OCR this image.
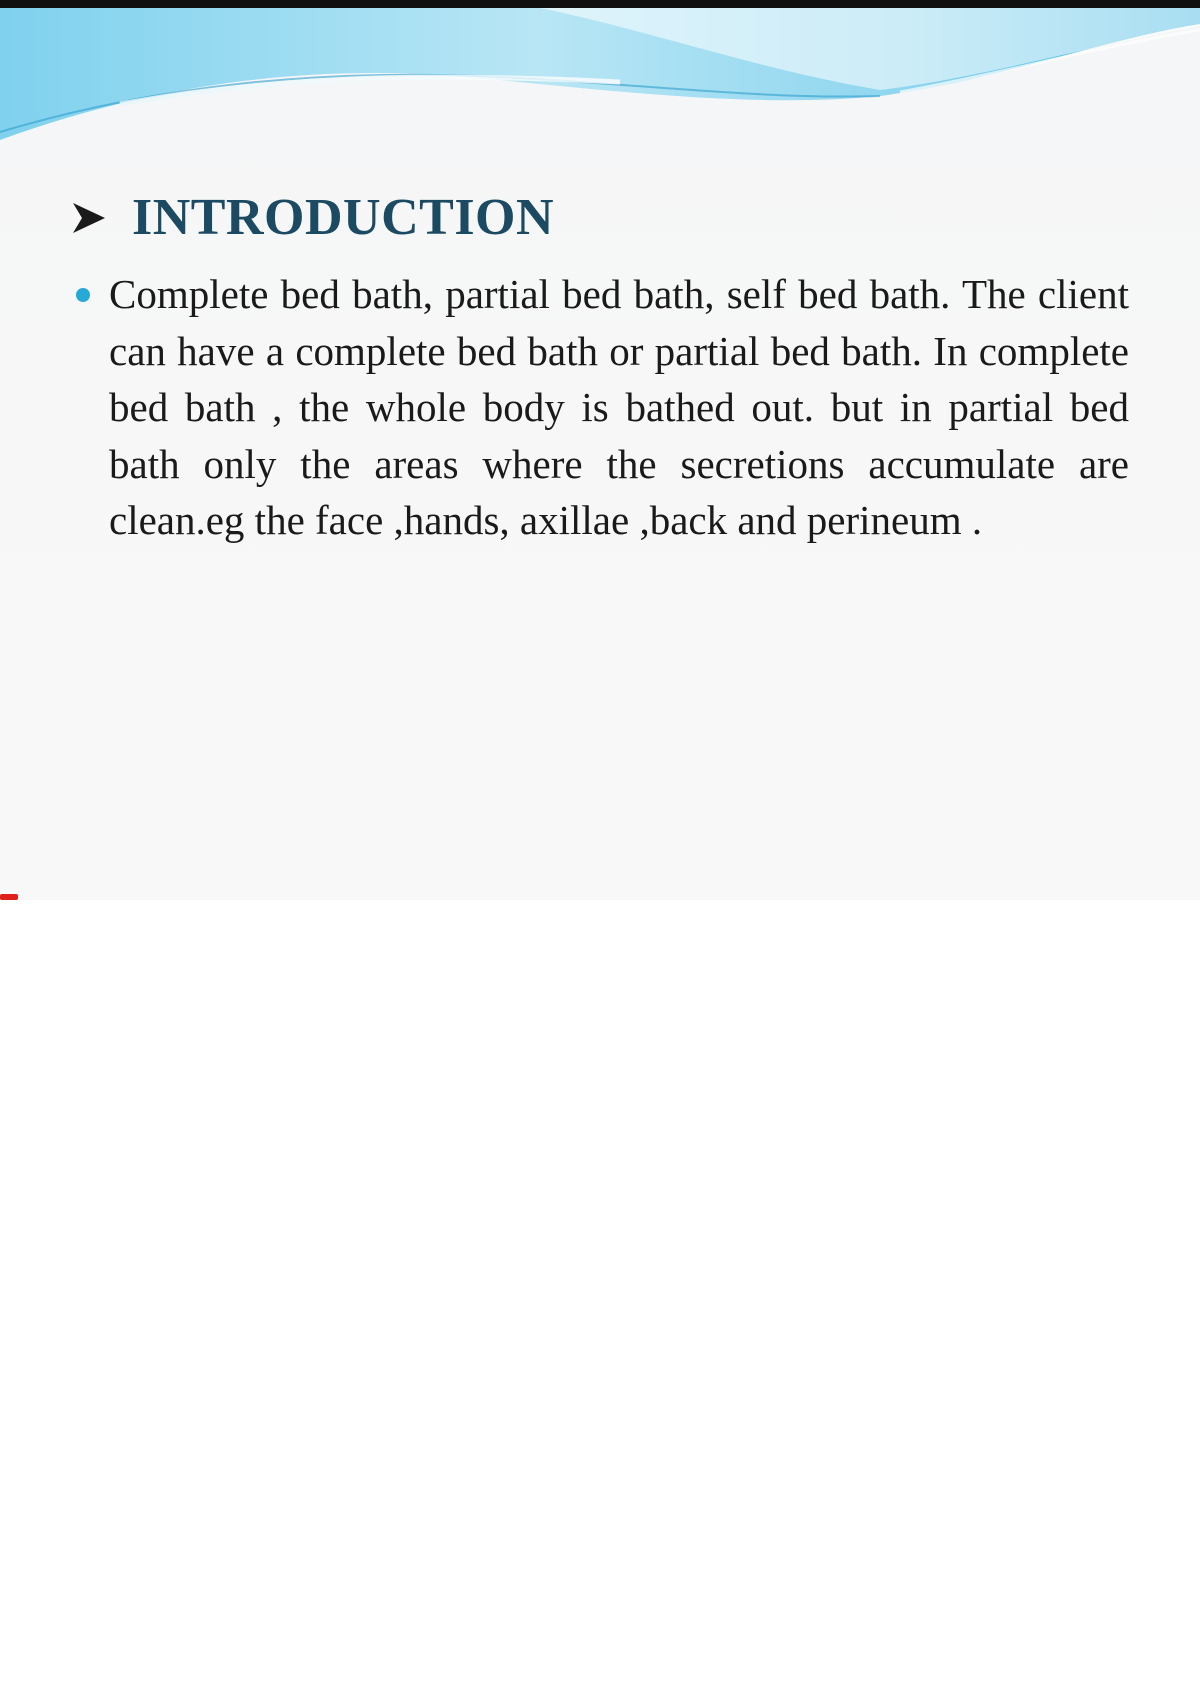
INTRODUCTION
Complete bed bath, partial bed bath, self bed bath. The client can have a complete bed bath or partial bed bath. In complete bed bath , the whole body is bathed out. but in partial bed bath only the areas where the secretions accumulate are clean.eg the face ,hands, axillae ,back and perineum .
